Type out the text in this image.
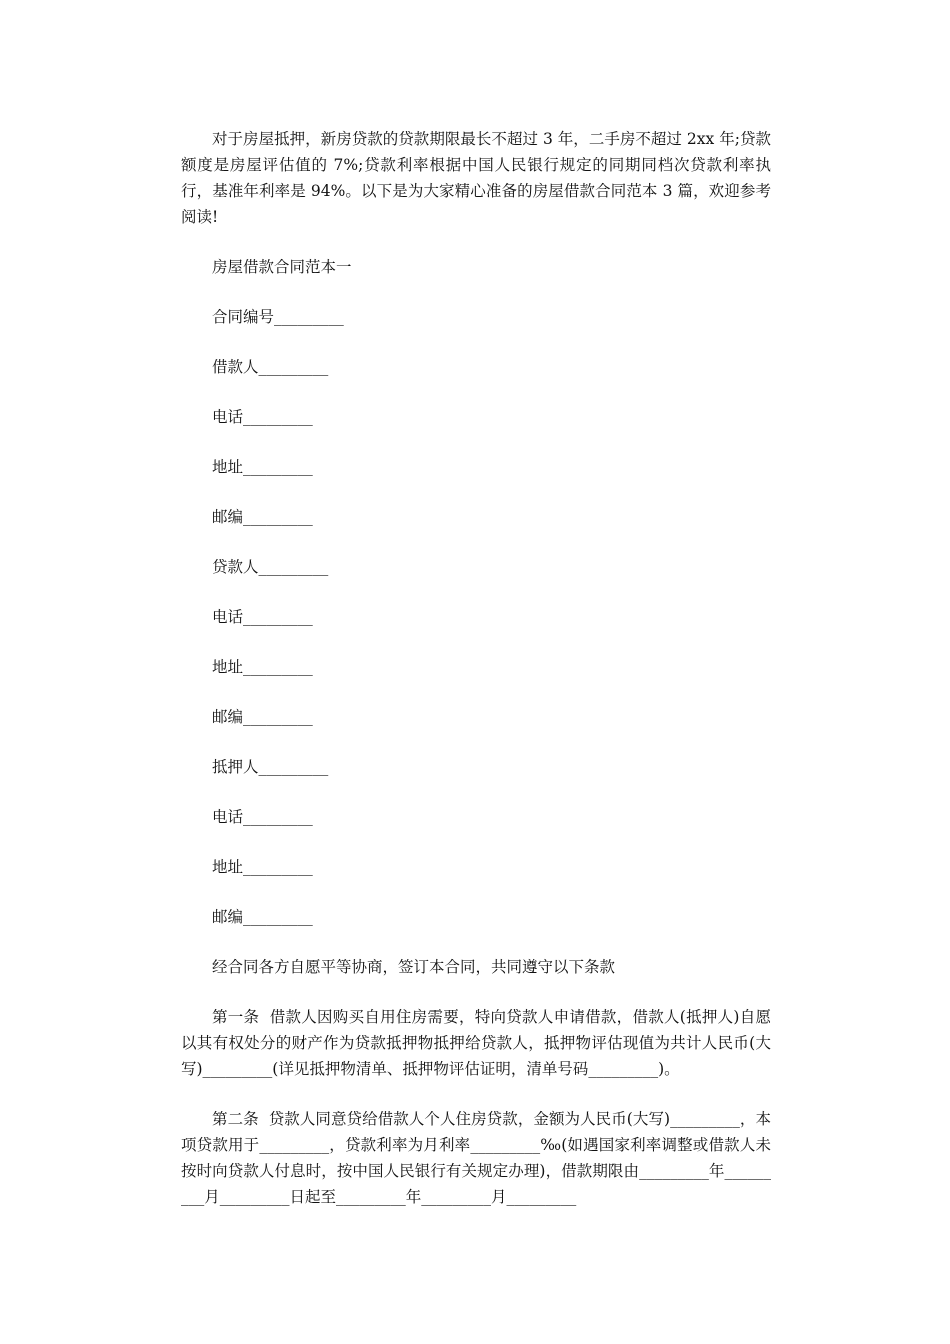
对于房屋抵押，新房贷款的贷款期限最长不超过 3 年，二手房不超过 2xx 年;贷款额度是房屋评估值的 7%;贷款利率根据中国人民银行规定的同期同档次贷款利率执行，基准年利率是 94%。以下是为大家精心准备的房屋借款合同范本 3 篇，欢迎参考阅读!

房屋借款合同范本一

合同编号_________

借款人_________

电话_________

地址_________

邮编_________

贷款人_________

电话_________

地址_________

邮编_________

抵押人_________

电话_________

地址_________

邮编_________

经合同各方自愿平等协商，签订本合同，共同遵守以下条款

第一条  借款人因购买自用住房需要，特向贷款人申请借款，借款人(抵押人)自愿以其有权处分的财产作为贷款抵押物抵押给贷款人，抵押物评估现值为共计人民币(大写)_________(详见抵押物清单、抵押物评估证明，清单号码_________)。

第二条  贷款人同意贷给借款人个人住房贷款，金额为人民币(大写)_________，本项贷款用于_________，贷款利率为月利率_________‰(如遇国家利率调整或借款人未按时向贷款人付息时，按中国人民银行有关规定办理)，借款期限由_________年_________月_________日起至_________年_________月_________
